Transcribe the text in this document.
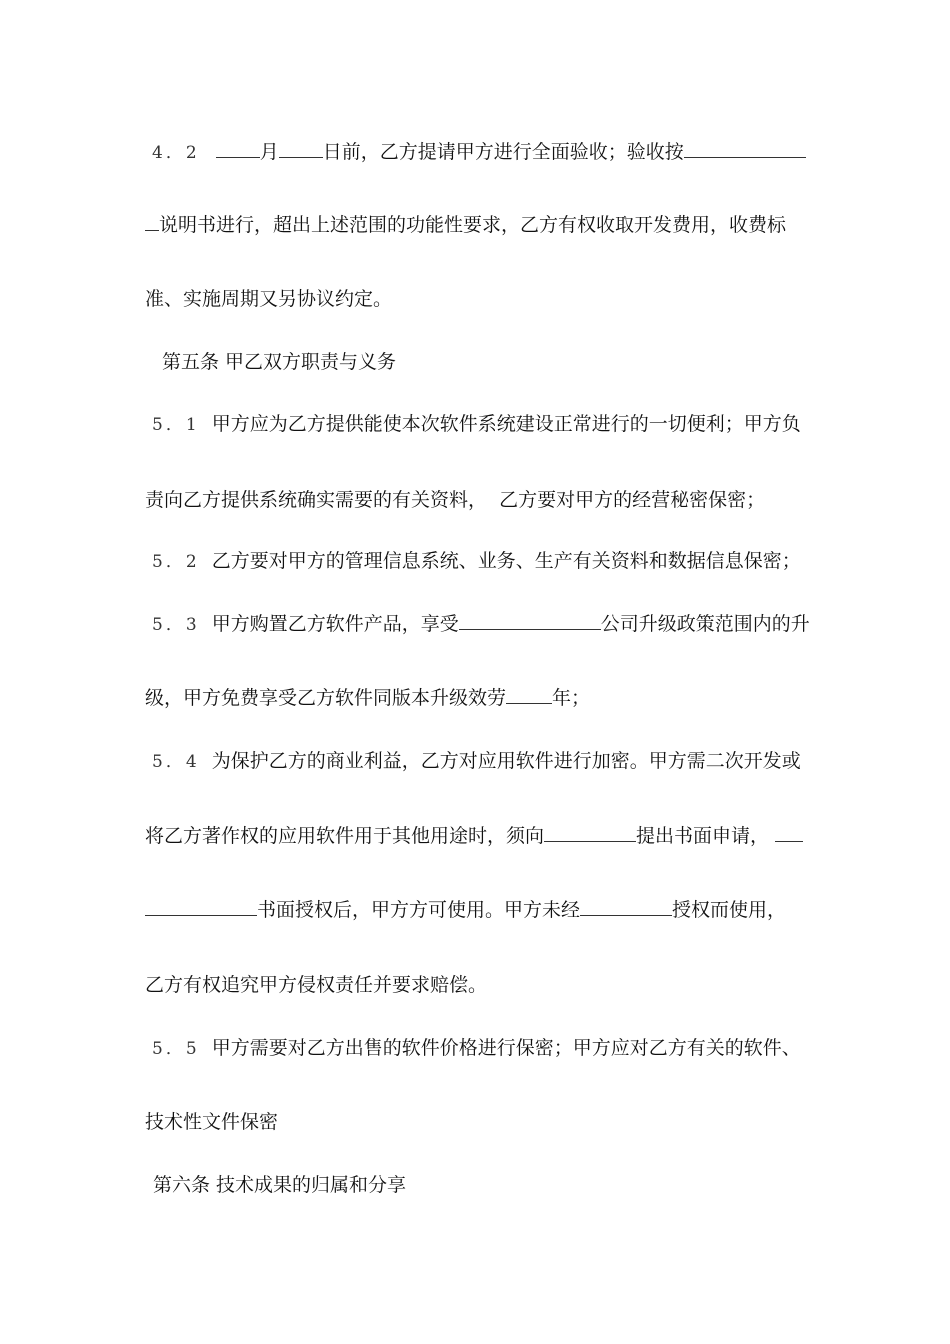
4．2	月 日前，乙方提请甲方进行全面验收；验收按
说明书进行，超出上述范围的功能性要求，乙方有权收取开发费用，收费标
准、实施周期又另协议约定。
第五条 甲乙双方职责与义务
5．1 甲方应为乙方提供能使本次软件系统建设正常进行的一切便利；甲方负
责向乙方提供系统确实需要的有关资料，  乙方要对甲方的经营秘密保密；
5．2 乙方要对甲方的管理信息系统、业务、生产有关资料和数据信息保密；
5．3 甲方购置乙方软件产品，享受	公司升级政策范围内的升
级，甲方免费享受乙方软件同版本升级效劳 年；
5．4 为保护乙方的商业利益，乙方对应用软件进行加密。甲方需二次开发或
将乙方著作权的应用软件用于其他用途时，须向	提出书面申请，
书面授权后，甲方方可使用。甲方未经	授权而使用，
乙方有权追究甲方侵权责任并要求赔偿。
5．5 甲方需要对乙方出售的软件价格进行保密；甲方应对乙方有关的软件、
技术性文件保密
第六条 技术成果的归属和分享
